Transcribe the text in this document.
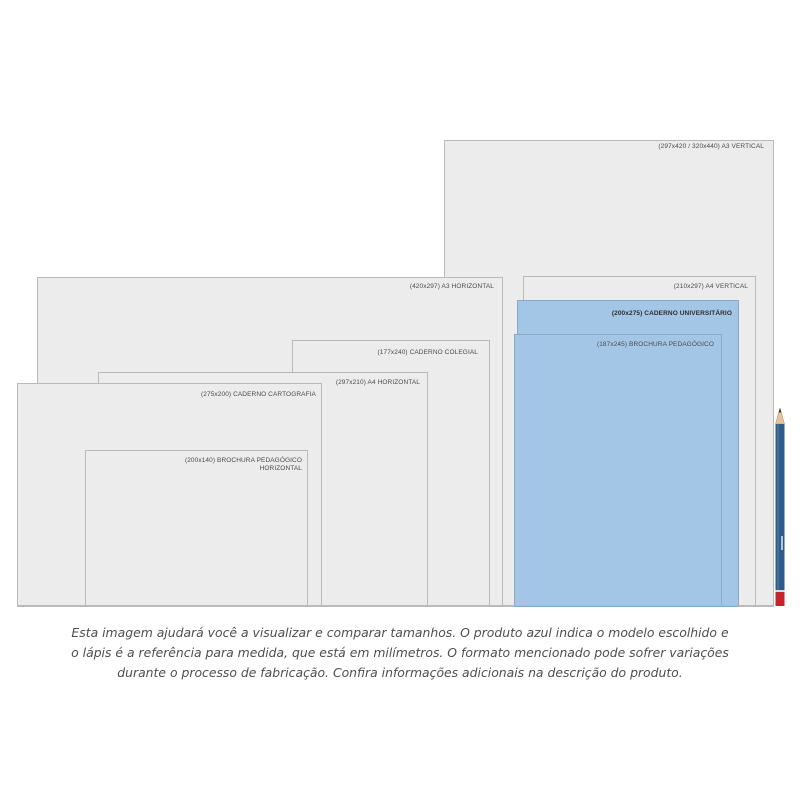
(297x420 / 320x440) A3 VERTICAL
(420x297) A3 HORIZONTAL	(210x297) A4 VERTICAL
(200x275) CADERNO UNIVERSITÁRIO
(187x245) BROCHURA PEDAGÓGICO
(177x240) CADERNO COLEGIAL
(297x210) A4 HORIZONTAL
(275x200) CADERNO CARTOGRAFIA
(200x140) BROCHURA PEDAGÓGICO HORIZONTAL

Esta imagem ajudará você a visualizar e comparar tamanhos. O produto azul indica o modelo escolhido e

o lápis é a referência para medida, que está em milímetros. O formato mencionado pode sofrer variações

durante o processo de fabricação. Confira informações adicionais na descrição do produto.
